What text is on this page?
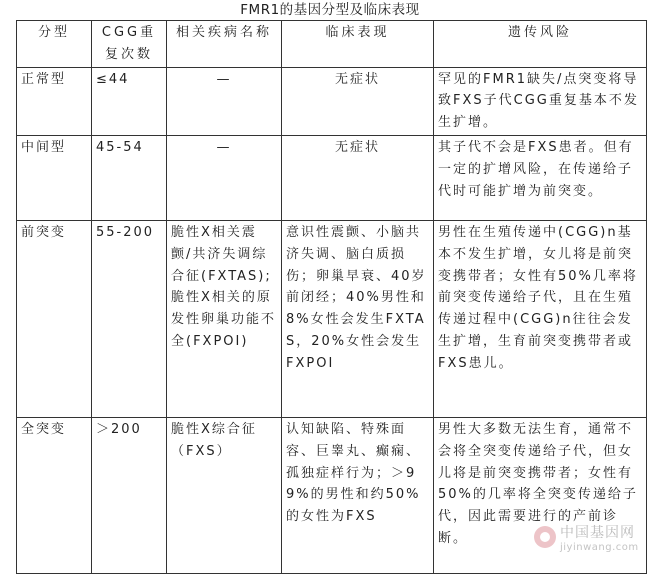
FMR1的基因分型及临床表现
分型	CGG重复次数	相关疾病名称	临床表现	遗传风险
正常型	≤44	—	无症状	罕见的FMR1缺失/点突变将导致FXS子代CGG重复基本不发生扩增。
中间型	45-54	—	无症状	其子代不会是FXS患者。但有一定的扩增风险，在传递给子代时可能扩增为前突变。
前突变	55-200	脆性X相关震颤/共济失调综合征(FXTAS);脆性X相关的原发性卵巢功能不全(FXPOI)	意识性震颤、小脑共济失调、脑白质损伤；卵巢早衰、40岁前闭经；40%男性和8%女性会发生FXTAS，20%女性会发生FXPOI	男性在生殖传递中(CGG)n基本不发生扩增，女儿将是前突变携带者；女性有50%几率将前突变传递给子代，且在生殖传递过程中(CGG)n往往会发生扩增，生育前突变携带者或FXS患儿。
全突变	＞200	脆性X综合征（FXS）	认知缺陷、特殊面容、巨睾丸、癫痫、孤独症样行为；＞99%的男性和约50%的女性为FXS	男性大多数无法生育，通常不会将全突变传递给子代，但女儿将是前突变携带者；女性有50%的几率将全突变传递给子代，因此需要进行的产前诊断。	中国基因网
jiyinwang.com
